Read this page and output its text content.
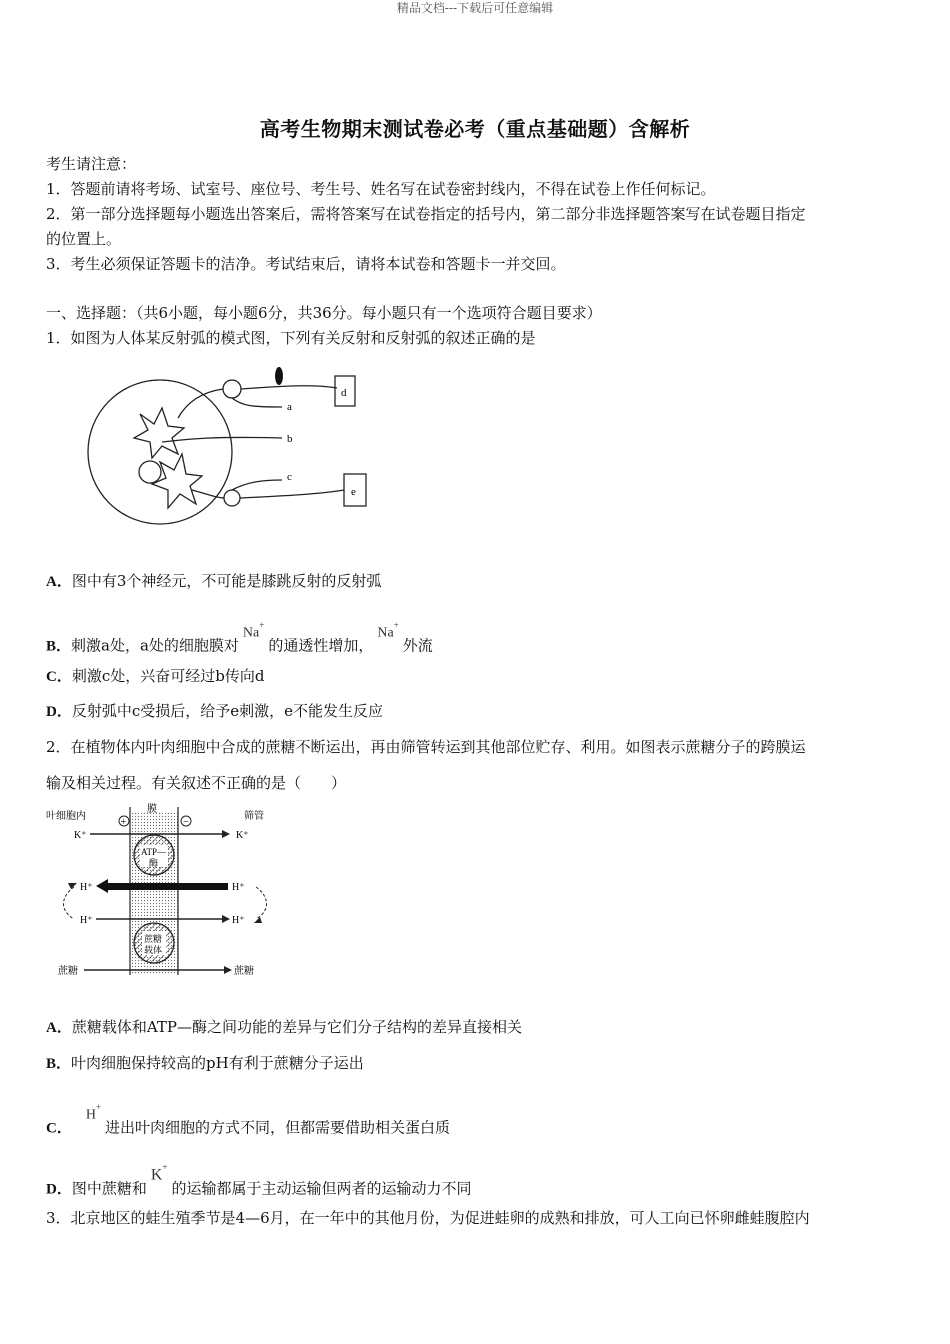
精品文档---下载后可任意编辑
高考生物期末测试卷必考（重点基础题）含解析
考生请注意：
1．答题前请将考场、试室号、座位号、考生号、姓名写在试卷密封线内，不得在试卷上作任何标记。
2．第一部分选择题每小题选出答案后，需将答案写在试卷指定的括号内，第二部分非选择题答案写在试卷题目指定
的位置上。
3．考生必须保证答题卡的洁净。考试结束后，请将本试卷和答题卡一并交回。
一、选择题：（共6小题，每小题6分，共36分。每小题只有一个选项符合题目要求）
1．如图为人体某反射弧的模式图，下列有关反射和反射弧的叙述正确的是
a
b
c
d
e
A．图中有3个神经元，不可能是膝跳反射的反射弧
B．刺激a处，a处的细胞膜对Na+的通透性增加，Na+外流
C．刺激c处，兴奋可经过b传向d
D．反射弧中c受损后，给予e刺激，e不能发生反应
2．在植物体内叶肉细胞中合成的蔗糖不断运出，再由筛管转运到其他部位贮存、利用。如图表示蔗糖分子的跨膜运
输及相关过程。有关叙述不正确的是（　　）
叶细胞内
膜
筛管
+	−
K⁺	K⁺
ATP—
酶
H⁺	H⁺
H⁺	H⁺
蔗糖
载体
蔗糖	蔗糖
A．蔗糖载体和ATP—酶之间功能的差异与它们分子结构的差异直接相关
B．叶肉细胞保持较高的pH有利于蔗糖分子运出
C．H+进出叶肉细胞的方式不同，但都需要借助相关蛋白质
D．图中蔗糖和K+的运输都属于主动运输但两者的运输动力不同
3．北京地区的蛙生殖季节是4—6月，在一年中的其他月份，为促进蛙卵的成熟和排放，可人工向已怀卵雌蛙腹腔内
